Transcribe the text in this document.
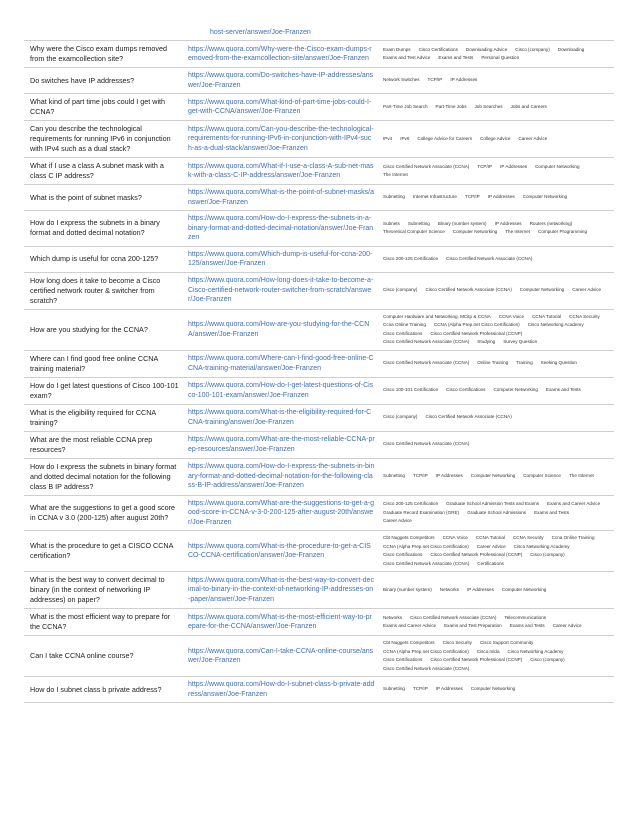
host-server/answer/Joe-Franzen
Why were the Cisco exam dumps removed from the examcollection site?	https://www.quora.com/Why-were-the-Cisco-exam-dumps-removed-from-the-examcollection-site/answer/Joe-Franzen	Exam Dumps Cisco Certifications Downloading Advice Cisco (company) DownloadingExams and Test Advice Exams and Tests Personal Question
Do switches have IP addresses?	https://www.quora.com/Do-switches-have-IP-addresses/answer/Joe-Franzen	Network Switches TCP/IP IP Addresses
What kind of part time jobs could I get with CCNA?	https://www.quora.com/What-kind-of-part-time-jobs-could-I-get-with-CCNA/answer/Joe-Franzen	Part-Time Job Search Part-Time Jobs Job Searches Jobs and Careers
Can you describe the technological requirements for running IPv6 in conjunction with IPv4 such as a dual stack?	https://www.quora.com/Can-you-describe-the-technological-requirements-for-running-IPv6-in-conjunction-with-IPv4-such-as-a-dual-stack/answer/Joe-Franzen	IPv4 IPv6 College Advice for Careers College Advice Career Advice
What if I use a class A subnet mask with a class C IP address?	https://www.quora.com/What-if-I-use-a-class-A-sub-net-mask-with-a-class-C-IP-address/answer/Joe-Franzen	Cisco Certified Network Associate (CCNA) TCP/IP IP Addresses Computer NetworkingThe Internet
What is the point of subnet masks?	https://www.quora.com/What-is-the-point-of-subnet-masks/answer/Joe-Franzen	Subnetting Internet Infrastructure TCP/IP IP Addresses Computer Networking
How do I express the subnets in a binary format and dotted decimal notation?	https://www.quora.com/How-do-I-express-the-subnets-in-a-binary-format-and-dotted-decimal-notation/answer/Joe-Franzen	Subnets Subnetting Binary (number system) IP Addresses Routers (networking)Theoretical Computer Science Computer Networking The Internet Computer Programming
Which dump is useful for ccna 200-125?	https://www.quora.com/Which-dump-is-useful-for-ccna-200-125/answer/Joe-Franzen	Cisco 200-125 Certification Cisco Certified Network Associate (CCNA)
How long does it take to become a Cisco certified network router & switcher from scratch?	https://www.quora.com/How-long-does-it-take-to-become-a-Cisco-certified-network-router-switcher-from-scratch/answer/Joe-Franzen	Cisco (company) Cisco Certified Network Associate (CCNA) Computer Networking Career Advice
How are you studying for the CCNA?	https://www.quora.com/How-are-you-studying-for-the-CCNA/answer/Joe-Franzen	Computer Hardware and Networking, MCitp & CCNA CCNA Voice CCNA Tutorial CCNA SecurityCcna Online Training CCNA (Alpha Prep.net Cisco Certification) Cisco Networking AcademyCisco Certifications Cisco Certified Network Professional (CCNP)Cisco Certified Network Associate (CCNA) Studying Survey Question
Where can I find good free online CCNA training material?	https://www.quora.com/Where-can-I-find-good-free-online-CCNA-training-material/answer/Joe-Franzen	Cisco Certified Network Associate (CCNA) Online Training Training Seeking Question
How do I get latest questions of Cisco 100-101 exam?	https://www.quora.com/How-do-I-get-latest-questions-of-Cisco-100-101-exam/answer/Joe-Franzen	Cisco 100-101 Certification Cisco Certifications Computer Networking Exams and Tests
What is the eligibility required for CCNA training?	https://www.quora.com/What-is-the-eligibility-required-for-CCNA-training/answer/Joe-Franzen	Cisco (company) Cisco Certified Network Associate (CCNA)
What are the most reliable CCNA prep resources?	https://www.quora.com/What-are-the-most-reliable-CCNA-prep-resources/answer/Joe-Franzen	Cisco Certified Network Associate (CCNA)
How do I express the subnets in binary format and dotted decimal notation for the following class B IP address?	https://www.quora.com/How-do-I-express-the-subnets-in-binary-format-and-dotted-decimal-notation-for-the-following-class-B-IP-address/answer/Joe-Franzen	Subnetting TCP/IP IP Addresses Computer Networking Computer Science The Internet
What are the suggestions to get a good score in CCNA v 3.0 (200-125) after august 20th?	https://www.quora.com/What-are-the-suggestions-to-get-a-good-score-in-CCNA-v-3-0-200-125-after-august-20th/answer/Joe-Franzen	Cisco 200-125 Certification Graduate School Admission Tests and Exams Exams and Career AdviceGraduate Record Examination (GRE) Graduate School Admissions Exams and TestsCareer Advice
What is the procedure to get a CISCO CCNA certification?	https://www.quora.com/What-is-the-procedure-to-get-a-CISCO-CCNA-certification/answer/Joe-Franzen	Cbt Nuggets Competitors CCNA Voice CCNA Tutorial CCNA Security Ccna Online TrainingCCNA (Alpha Prep.net Cisco Certification) Career Advice Cisco Networking AcademyCisco Certifications Cisco Certified Network Professional (CCNP) Cisco (company)Cisco Certified Network Associate (CCNA) Certifications
What is the best way to convert decimal to binary (in the context of networking IP addresses) on paper?	https://www.quora.com/What-is-the-best-way-to-convert-decimal-to-binary-in-the-context-of-networking-IP-addresses-on-paper/answer/Joe-Franzen	Binary (number system) Networks IP Addresses Computer Networking
What is the most efficient way to prepare for the CCNA?	https://www.quora.com/What-is-the-most-efficient-way-to-prepare-for-the-CCNA/answer/Joe-Franzen	Networks Cisco Certified Network Associate (CCNA) TelecommunicationsExams and Career Advice Exams and Test Preparation Exams and Tests Career Advice
Can I take CCNA online course?	https://www.quora.com/Can-I-take-CCNA-online-course/answer/Joe-Franzen	Cbt Nuggets Competitors Cisco Security Cisco Support CommunityCCNA (Alpha Prep.net Cisco Certification) Cisco.mlda Cisco Networking AcademyCisco Certifications Cisco Certified Network Professional (CCNP) Cisco (company)Cisco Certified Network Associate (CCNA)
How do I subnet class b private address?	https://www.quora.com/How-do-I-subnet-class-b-private-address/answer/Joe-Franzen	Subnetting TCP/IP IP Addresses Computer Networking
